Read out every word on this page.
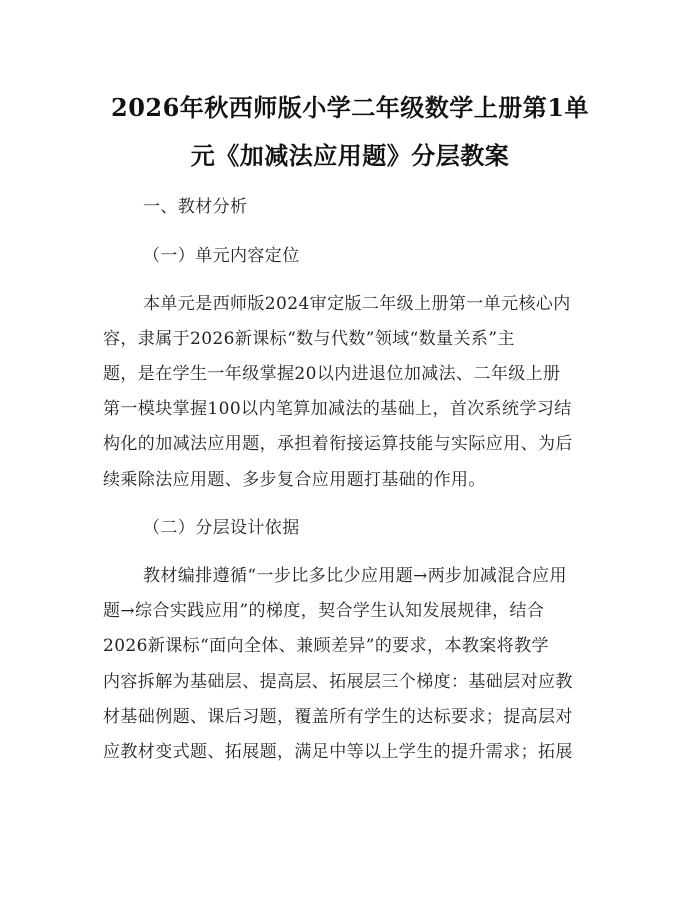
2026年秋西师版小学二年级数学上册第1单
元《加减法应用题》分层教案
一、教材分析
（一）单元内容定位
本单元是西师版2024审定版二年级上册第一单元核心内
容，隶属于2026新课标“数与代数”领域“数量关系”主
题，是在学生一年级掌握20以内进退位加减法、二年级上册
第一模块掌握100以内笔算加减法的基础上，首次系统学习结
构化的加减法应用题，承担着衔接运算技能与实际应用、为后
续乘除法应用题、多步复合应用题打基础的作用。
（二）分层设计依据
教材编排遵循“一步比多比少应用题→两步加减混合应用
题→综合实践应用”的梯度，契合学生认知发展规律，结合
2026新课标“面向全体、兼顾差异”的要求，本教案将教学
内容拆解为基础层、提高层、拓展层三个梯度：基础层对应教
材基础例题、课后习题，覆盖所有学生的达标要求；提高层对
应教材变式题、拓展题，满足中等以上学生的提升需求；拓展
